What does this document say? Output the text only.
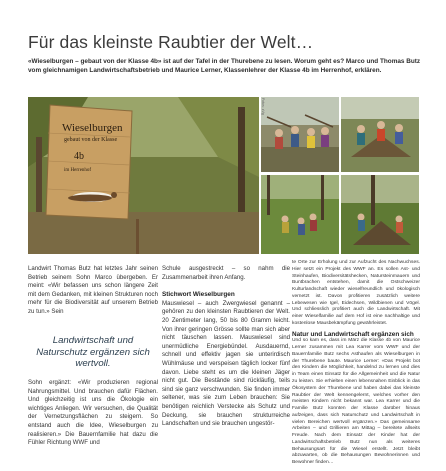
Für das kleinste Raubtier der Welt…
«Wieselburgen – gebaut von der Klasse 4b» ist auf der Tafel in der Thurebene zu lesen. Worum geht es? Marco und Thomas Butz vom gleichnamigen Landwirtschaftsbetrieb und Maurice Lerner, Klassenlehrer der Klasse 4b im Herrenhof, erklären.
Wieselburgen
gebaut von der Klasse
4b
im Herrenhof
Fotos: zVg

Landwirt Thomas Butz hat letztes Jahr seinen Betrieb seinem Sohn Marco übergeben. Er meint: «Wir befassen uns schon längere Zeit mit dem Gedanken, mit kleinen Strukturen noch mehr für die Biodiversität auf unserem Betrieb zu tun.» Sein

Landwirtschaft und Naturschutz ergänzen sich wertvoll.

Sohn ergänzt: «Wir produzieren regional Nahrungsmittel. Und brauchen dafür Flächen. Und gleichzeitig ist uns die Ökologie ein wichtiges Anliegen. Wir versuchen, die Qualität der Vernetzungsflächen zu steigern. So entstand auch die Idee, Wieselburgen zu realisieren.» Die Bauernfamilie hat dazu die Fühler Richtung WWF und

Schule ausgestreckt – so nahm die Zusammenarbeit ihren Anfang.

Stichwort Wieselburgen

Mauswiesel – auch Zwergwiesel genannt – gehören zu den kleinsten Raubtieren der Welt. 20 Zentimeter lang, 50 bis 80 Gramm leicht. Von ihrer geringen Grösse sollte man sich aber nicht täuschen lassen. Mauswiesel sind unermüdliche Energiebündel. Ausdauernd, schnell und effektiv jagen sie unterirdisch Wühlmäuse und verspeisen täglich locker fünf davon. Liebe steht es um die kleinen Jäger nicht gut. Die Bestände sind rückläufig, teils sind sie ganz verschwunden. Sie finden immer seltener, was sie zum Leben brauchen: Sie benötigen reichlich Verstecke als Schutz und Deckung, sie brauchen strukturreiche Landschaften und sie brauchen ungestör-

te Orte zur Erholung und zur Aufzucht des Nachwuchses. Hier setzt ein Projekt des WWF an. Es sollen Ast- und Steinhaufen, Biodiversitätshecken, Natursteinmauern und Buntbrachen entstehen, damit die Ostschweizer Kulturlandschaft wieder wieselfreundlich und ökologisch vernetzt ist. Davon profitieren zusätzlich weitere Lebewesen wie Igel, Eidechsen, Wildbienen und Vögel. Und schliesslich profitiert auch die Landwirtschaft. Mit einer Wieselfamilie auf dem Hof ist eine nachhaltige und kostenlose Mausbekämpfung gewährleistet.

Natur und Landwirtschaft ergänzen sich

Und so kam es, dass im März die Klasse 4b von Maurice Lerner zusammen mit Lea Karrer vom WWF und der Bauernfamilie Butz sechs Asthaufen als Wieselburgen in der Thurebene baute. Maurice Lerner: «Das Projekt bot den Kindern die Möglichkeit, handelnd zu lernen und dies in Team einen Einsatz für die Allgemeinheit und die Natur zu leisten. Sie erhielten einen lebensnahen Einblick in das Ökosystem der Thurebene und haben dabei das kleinste Raubtier der Welt kennengelernt, welches vorher den meisten Kindern nicht bekannt war. Lea Karrer und die Familie Butz konnten der Klasse darüber hinaus aufzeigen, dass sich Naturschutz und Landwirtschaft in vielen Bereichen wertvoll ergänzen.» Das gemeinsame Arbeiten – und Grillieren am Mittag – bereitete allseits Freude. Nach dem Einsatz der Kinder hat der Landwirtschaftsbetrieb Butz nun als weiteres Behausungsart für die Wiesel erstellt. Jetzt bleibt abzuwarten, ob die Behausungen Bewohnerinnen und Bewohner finden…
